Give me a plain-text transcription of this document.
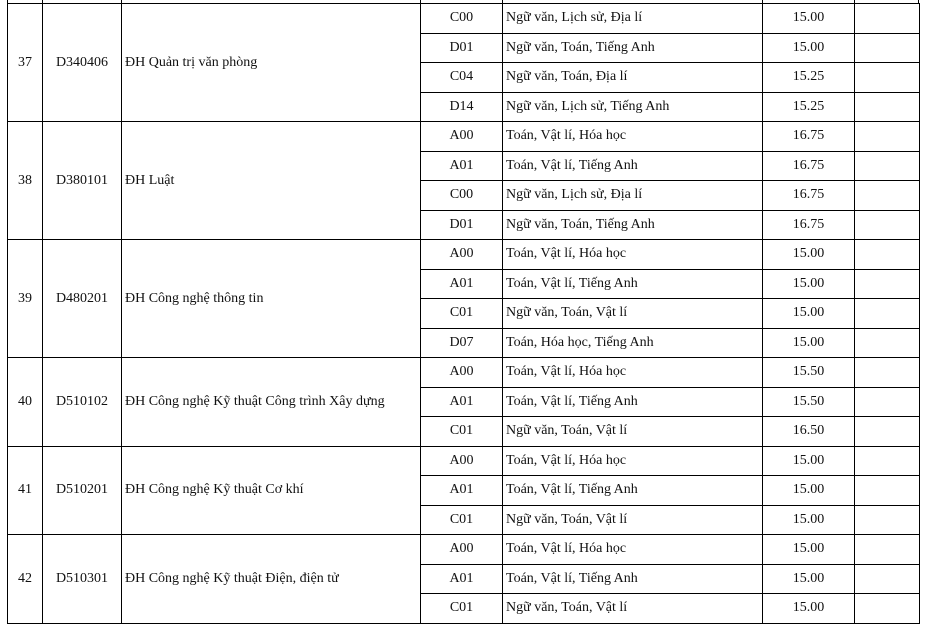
37	D340406	ĐH Quản trị văn phòng	C00	Ngữ văn, Lịch sử, Địa lí	15.00	
			D01	Ngữ văn, Toán, Tiếng Anh	15.00	
			C04	Ngữ văn, Toán, Địa lí	15.25	
			D14	Ngữ văn, Lịch sử, Tiếng Anh	15.25	
38	D380101	ĐH Luật	A00	Toán, Vật lí, Hóa học	16.75	
			A01	Toán, Vật lí, Tiếng Anh	16.75	
			C00	Ngữ văn, Lịch sử, Địa lí	16.75	
			D01	Ngữ văn, Toán, Tiếng Anh	16.75	
39	D480201	ĐH Công nghệ thông tin	A00	Toán, Vật lí, Hóa học	15.00	
			A01	Toán, Vật lí, Tiếng Anh	15.00	
			C01	Ngữ văn, Toán, Vật lí	15.00	
			D07	Toán, Hóa học, Tiếng Anh	15.00	
40	D510102	ĐH Công nghệ Kỹ thuật Công trình Xây dựng	A00	Toán, Vật lí, Hóa học	15.50	
			A01	Toán, Vật lí, Tiếng Anh	15.50	
			C01	Ngữ văn, Toán, Vật lí	16.50	
41	D510201	ĐH Công nghệ Kỹ thuật Cơ khí	A00	Toán, Vật lí, Hóa học	15.00	
			A01	Toán, Vật lí, Tiếng Anh	15.00	
			C01	Ngữ văn, Toán, Vật lí	15.00	
42	D510301	ĐH Công nghệ Kỹ thuật Điện, điện tử	A00	Toán, Vật lí, Hóa học	15.00	
			A01	Toán, Vật lí, Tiếng Anh	15.00	
			C01	Ngữ văn, Toán, Vật lí	15.00	
